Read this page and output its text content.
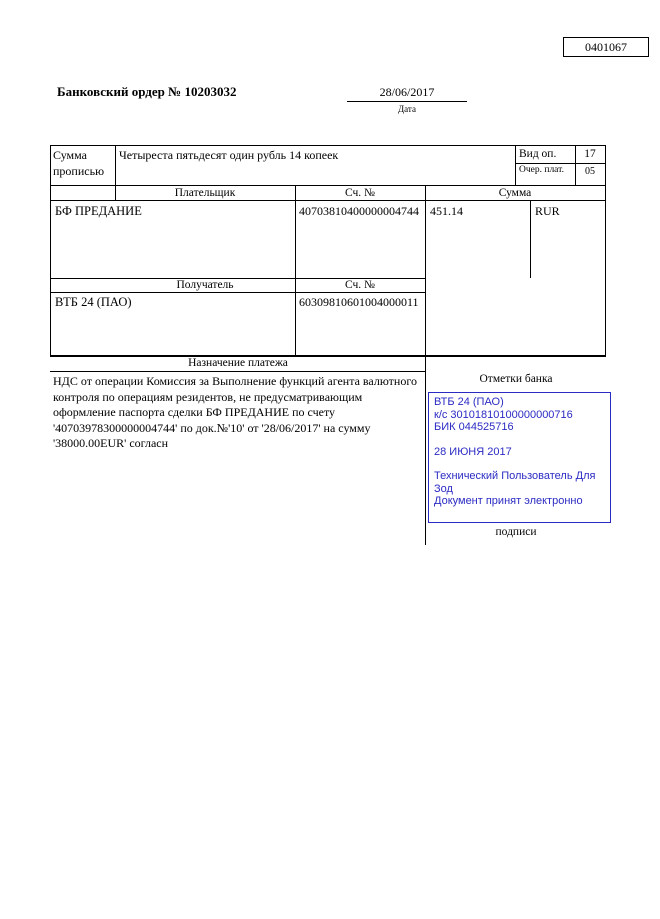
0401067
Банковский ордер № 10203032	28/06/2017
Дата
Сумма прописью
Четыреста пятьдесят один рубль 14 копеек	Вид оп.	17
Очер. плат.	05
Плательщик	Сч. №	Сумма
БФ ПРЕДАНИЕ	40703810400000004744 451.14	RUR
Получатель	Сч. №
ВТБ 24 (ПАО)	60309810601004000011
Назначение платежа
НДС от операции Комиссия за Выполнение функций агента валютного контроля по операциям резидентов, не предусматривающим оформление паспорта сделки БФ ПРЕДАНИЕ по счету '40703978300000004744' по док.№'10' от '28/06/2017' на сумму '38000.00EUR' согласн
Отметки банка
ВТБ 24 (ПАО)
к/с 30101810100000000716
БИК 044525716
28 ИЮНЯ 2017
Технический Пользователь Для Зод
Документ принят электронно
подписи
